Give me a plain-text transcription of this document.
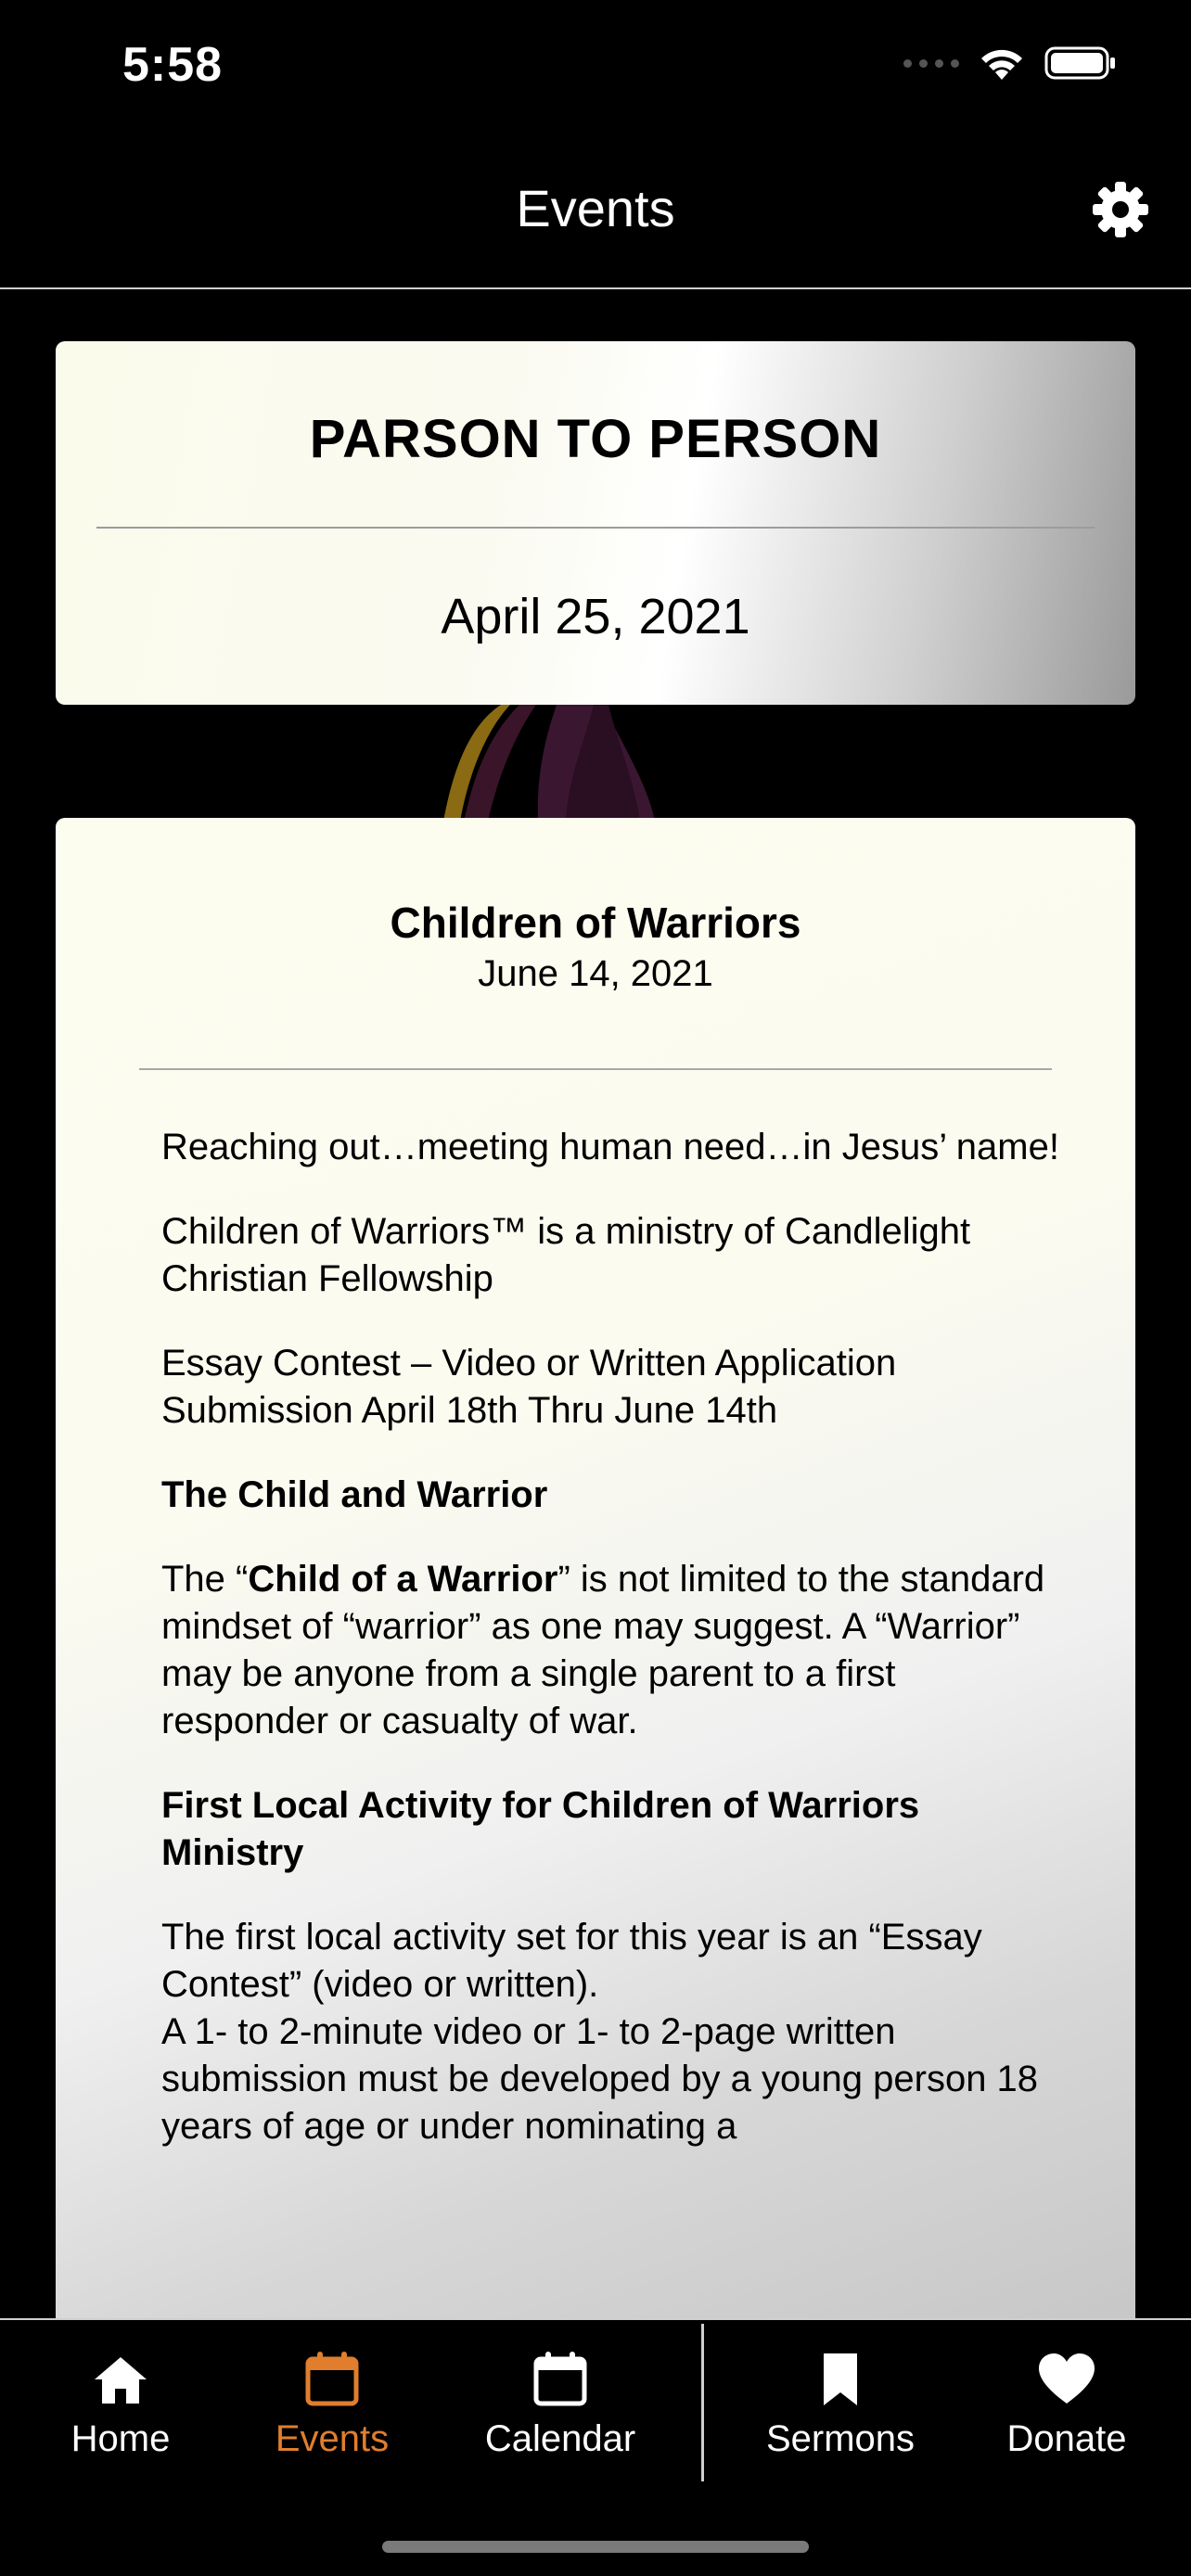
5:58
Events
PARSON TO PERSON
April 25, 2021
Children of Warriors
June 14, 2021

Reaching out…meeting human need…in Jesus’ name!

Children of Warriors™ is a ministry of Candlelight Christian Fellowship

Essay Contest – Video or Written Application Submission April 18th Thru June 14th

The Child and Warrior

The “Child of a Warrior” is not limited to the standard mindset of “warrior” as one may suggest. A “Warrior” may be anyone from a single parent to a first responder or casualty of war.

First Local Activity for Children of Warriors Ministry

The first local activity set for this year is an “Essay Contest” (video or written).
A 1- to 2-minute video or 1- to 2-page written submission must be developed by a young person 18 years of age or under nominating a

Home	Events	Calendar	Sermons	Donate
